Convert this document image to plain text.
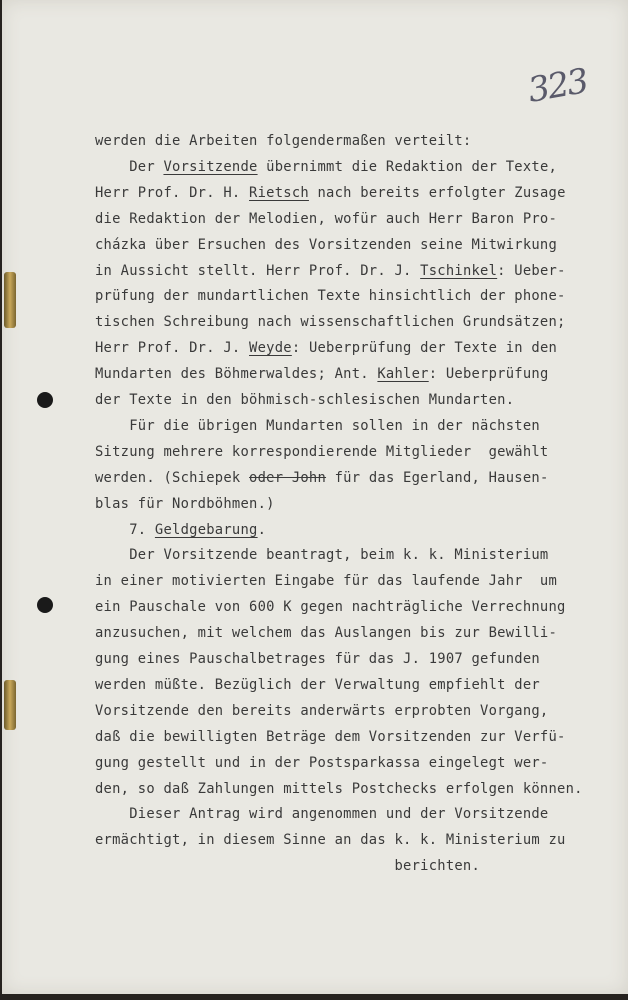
323
werden die Arbeiten folgendermaßen verteilt:
Der Vorsitzende übernimmt die Redaktion der Texte,
Herr Prof. Dr. H. Rietsch nach bereits erfolgter Zusage
die Redaktion der Melodien, wofür auch Herr Baron Pro-
cházka über Ersuchen des Vorsitzenden seine Mitwirkung
in Aussicht stellt. Herr Prof. Dr. J. Tschinkel: Ueber-
prüfung der mundartlichen Texte hinsichtlich der phone-
tischen Schreibung nach wissenschaftlichen Grundsätzen;
Herr Prof. Dr. J. Weyde: Ueberprüfung der Texte in den
Mundarten des Böhmerwaldes; Ant. Kahler: Ueberprüfung
der Texte in den böhmisch-schlesischen Mundarten.
Für die übrigen Mundarten sollen in der nächsten
Sitzung mehrere korrespondierende Mitglieder  gewählt
werden. (Schiepek oder John für das Egerland, Hausen-
blas für Nordböhmen.)
7. Geldgebarung.
Der Vorsitzende beantragt, beim k. k. Ministerium
in einer motivierten Eingabe für das laufende Jahr  um
ein Pauschale von 600 K gegen nachträgliche Verrechnung
anzusuchen, mit welchem das Auslangen bis zur Bewilli-
gung eines Pauschalbetrages für das J. 1907 gefunden
werden müßte. Bezüglich der Verwaltung empfiehlt der
Vorsitzende den bereits anderwärts erprobten Vorgang,
daß die bewilligten Beträge dem Vorsitzenden zur Verfü-
gung gestellt und in der Postsparkassa eingelegt wer-
den, so daß Zahlungen mittels Postchecks erfolgen können.
Dieser Antrag wird angenommen und der Vorsitzende
ermächtigt, in diesem Sinne an das k. k. Ministerium zu
berichten.
